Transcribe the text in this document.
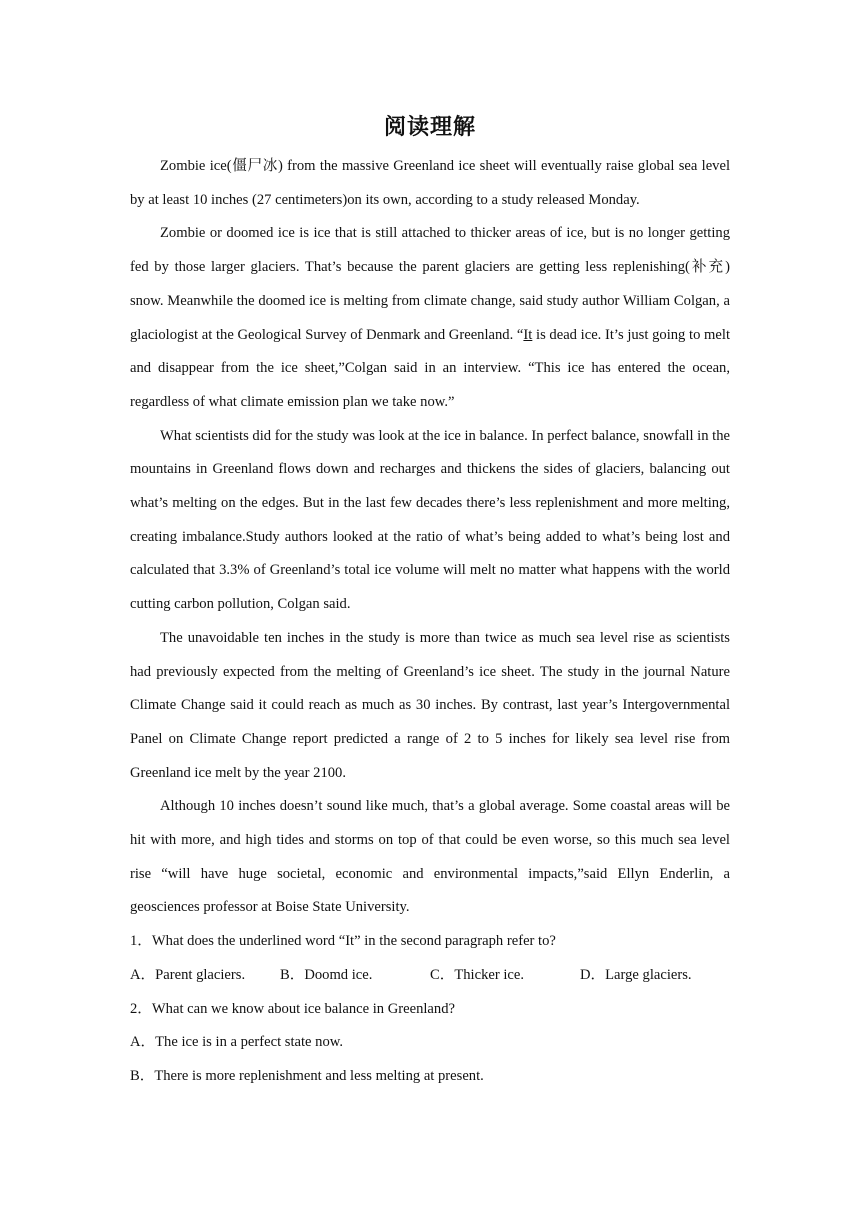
阅读理解

Zombie ice(僵尸冰) from the massive Greenland ice sheet will eventually raise global sea level by at least 10 inches (27 centimeters)on its own, according to a study released Monday.

Zombie or doomed ice is ice that is still attached to thicker areas of ice, but is no longer getting fed by those larger glaciers. That’s because the parent glaciers are getting less replenishing(补充) snow. Meanwhile the doomed ice is melting from climate change, said study author William Colgan, a glaciologist at the Geological Survey of Denmark and Greenland. “It is dead ice. It’s just going to melt and disappear from the ice sheet,”Colgan said in an interview. “This ice has entered the ocean, regardless of what climate emission plan we take now.”

What scientists did for the study was look at the ice in balance. In perfect balance, snowfall in the mountains in Greenland flows down and recharges and thickens the sides of glaciers, balancing out what’s melting on the edges. But in the last few decades there’s less replenishment and more melting, creating imbalance.Study authors looked at the ratio of what’s being added to what’s being lost and calculated that 3.3% of Greenland’s total ice volume will melt no matter what happens with the world cutting carbon pollution, Colgan said.

The unavoidable ten inches in the study is more than twice as much sea level rise as scientists had previously expected from the melting of Greenland’s ice sheet. The study in the journal Nature Climate Change said it could reach as much as 30 inches. By contrast, last year’s Intergovernmental Panel on Climate Change report predicted a range of 2 to 5 inches for likely sea level rise from Greenland ice melt by the year 2100.

Although 10 inches doesn’t sound like much, that’s a global average. Some coastal areas will be hit with more, and high tides and storms on top of that could be even worse, so this much sea level rise “will have huge societal, economic and environmental impacts,”said Ellyn Enderlin, a geosciences professor at Boise State University.

1．What does the underlined word “It” in the second paragraph refer to?

A．Parent glaciers.	B．Doomd ice.	C．Thicker ice.	D．Large glaciers.

2．What can we know about ice balance in Greenland?

A．The ice is in a perfect state now.

B．There is more replenishment and less melting at present.
